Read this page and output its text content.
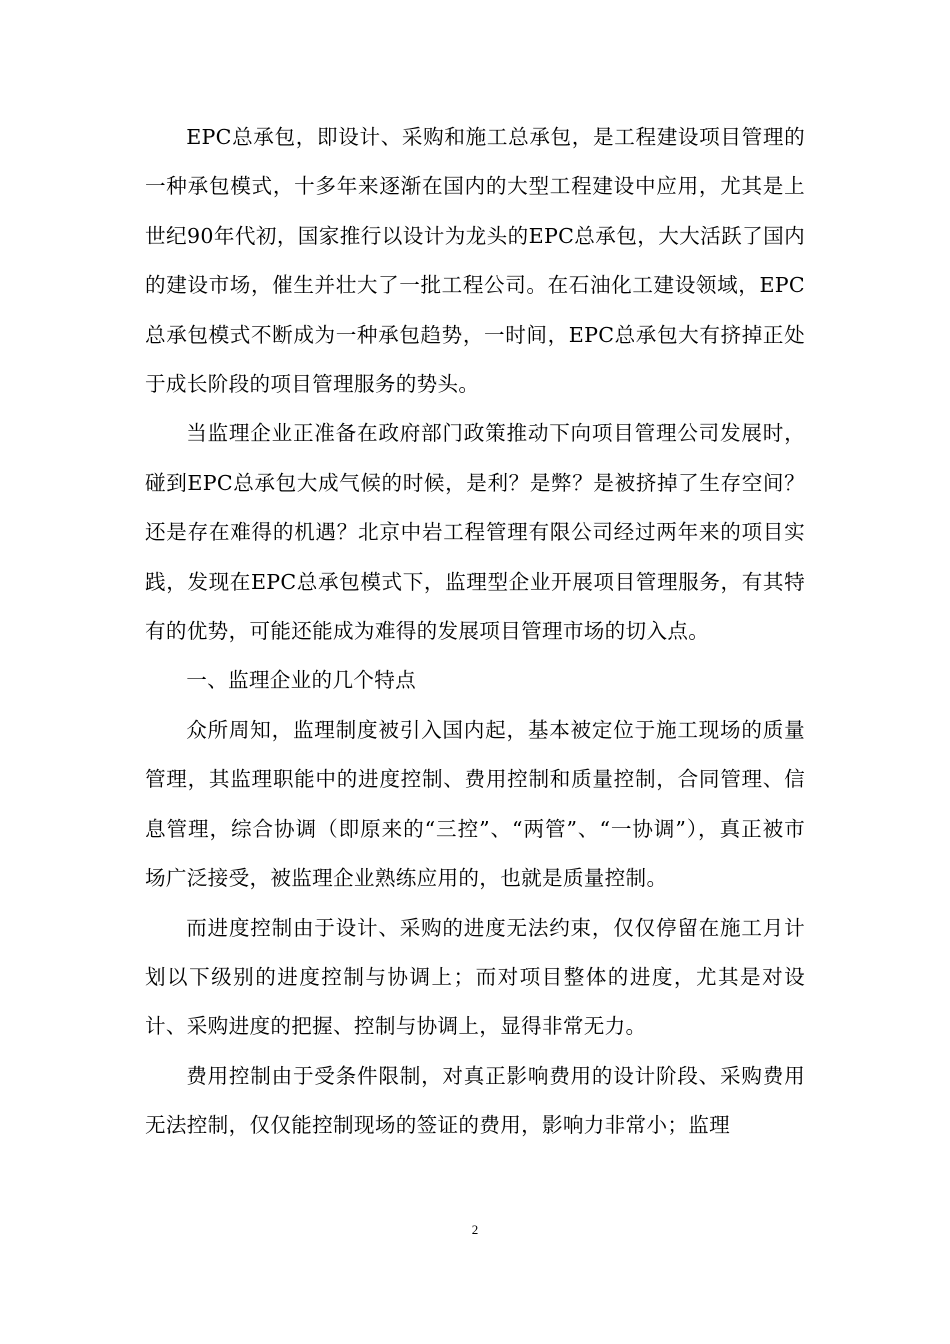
EPC总承包，即设计、采购和施工总承包，是工程建设项目管理的一种承包模式，十多年来逐渐在国内的大型工程建设中应用，尤其是上世纪90年代初，国家推行以设计为龙头的EPC总承包，大大活跃了国内的建设市场，催生并壮大了一批工程公司。在石油化工建设领域，EPC总承包模式不断成为一种承包趋势，一时间，EPC总承包大有挤掉正处于成长阶段的项目管理服务的势头。

当监理企业正准备在政府部门政策推动下向项目管理公司发展时，碰到EPC总承包大成气候的时候，是利？是弊？是被挤掉了生存空间？还是存在难得的机遇？北京中岩工程管理有限公司经过两年来的项目实践，发现在EPC总承包模式下，监理型企业开展项目管理服务，有其特有的优势，可能还能成为难得的发展项目管理市场的切入点。

一、监理企业的几个特点

众所周知，监理制度被引入国内起，基本被定位于施工现场的质量管理，其监理职能中的进度控制、费用控制和质量控制，合同管理、信息管理，综合协调（即原来的“三控”、“两管”、“一协调”），真正被市场广泛接受，被监理企业熟练应用的，也就是质量控制。

而进度控制由于设计、采购的进度无法约束，仅仅停留在施工月计划以下级别的进度控制与协调上；而对项目整体的进度，尤其是对设计、采购进度的把握、控制与协调上，显得非常无力。

费用控制由于受条件限制，对真正影响费用的设计阶段、采购费用无法控制，仅仅能控制现场的签证的费用，影响力非常小；监理

2
